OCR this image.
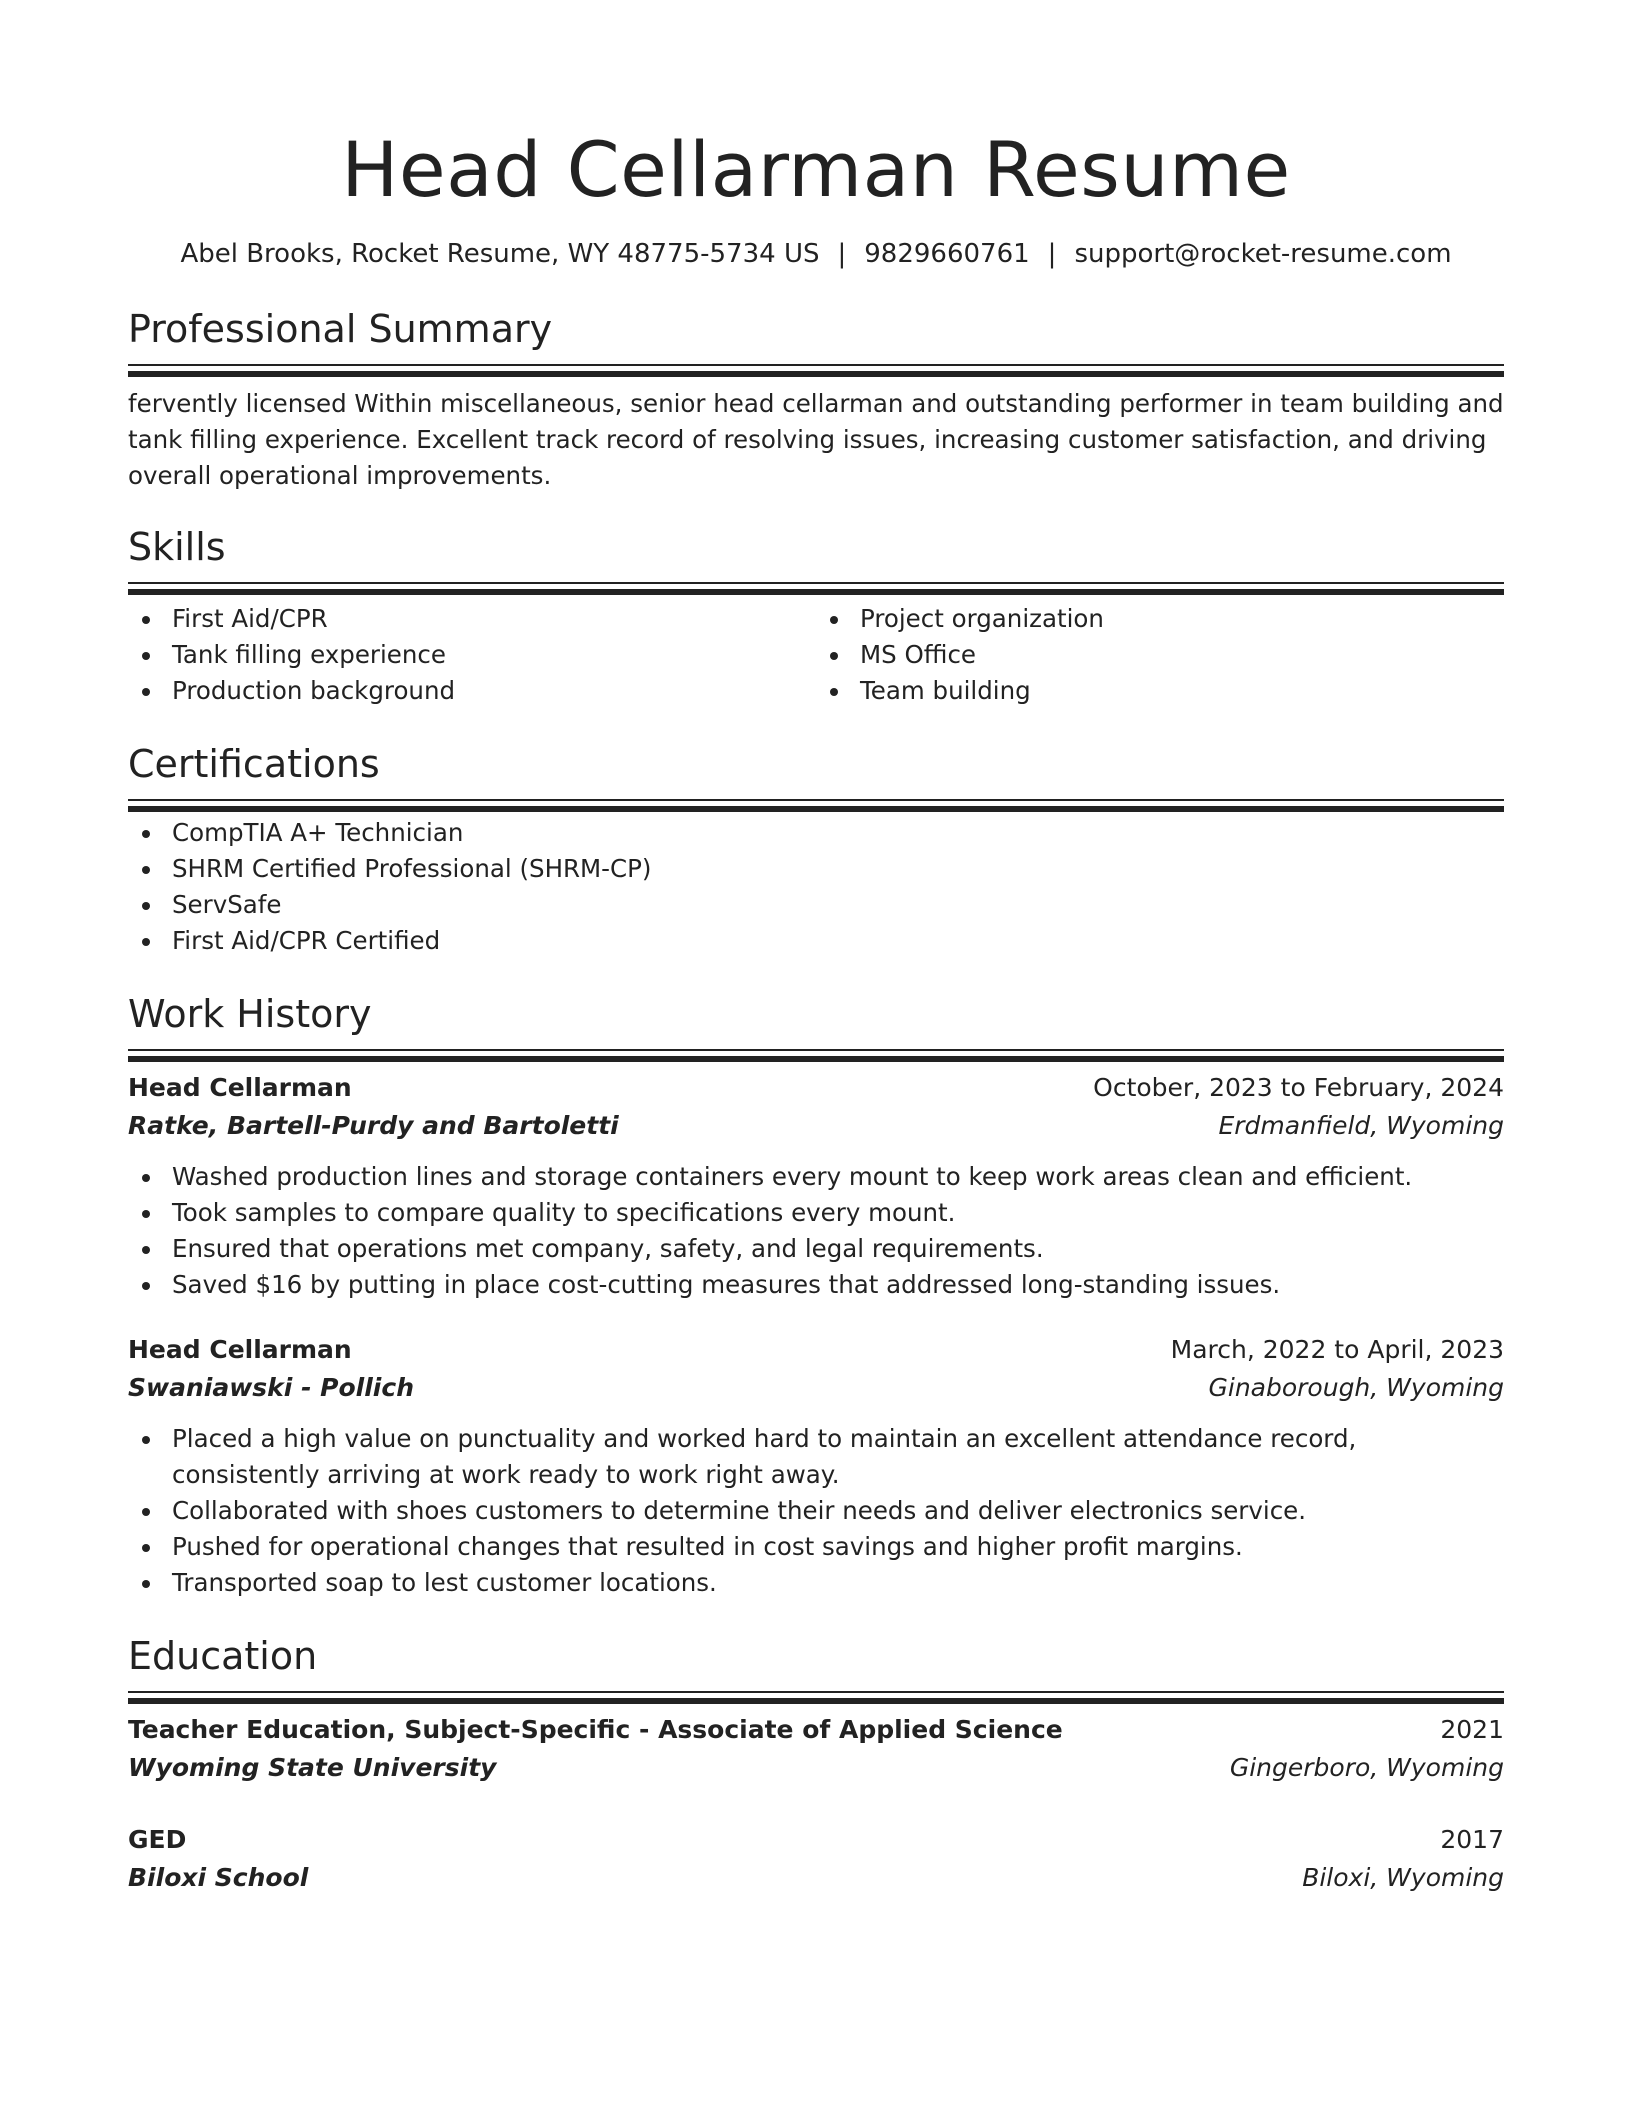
Head Cellarman Resume
Abel Brooks, Rocket Resume, WY 48775-5734 US | 9829660761 | support@rocket-resume.com
Professional Summary

fervently licensed Within miscellaneous, senior head cellarman and outstanding performer in team building and tank filling experience. Excellent track record of resolving issues, increasing customer satisfaction, and driving overall operational improvements.

Skills
First Aid/CPR
Tank filling experience
Production background
Project organization
MS Office
Team building
Certifications
CompTIA A+ Technician
SHRM Certified Professional (SHRM-CP)
ServSafe
First Aid/CPR Certified
Work History
Head Cellarman	October, 2023 to February, 2024
Ratke, Bartell-Purdy and Bartoletti	Erdmanfield, Wyoming
Washed production lines and storage containers every mount to keep work areas clean and efficient.
Took samples to compare quality to specifications every mount.
Ensured that operations met company, safety, and legal requirements.
Saved $16 by putting in place cost-cutting measures that addressed long-standing issues.
Head Cellarman	March, 2022 to April, 2023
Swaniawski - Pollich	Ginaborough, Wyoming
Placed a high value on punctuality and worked hard to maintain an excellent attendance record, consistently arriving at work ready to work right away.
Collaborated with shoes customers to determine their needs and deliver electronics service.
Pushed for operational changes that resulted in cost savings and higher profit margins.
Transported soap to lest customer locations.
Education
Teacher Education, Subject-Specific - Associate of Applied Science	2021
Wyoming State University	Gingerboro, Wyoming
GED	2017
Biloxi School	Biloxi, Wyoming
